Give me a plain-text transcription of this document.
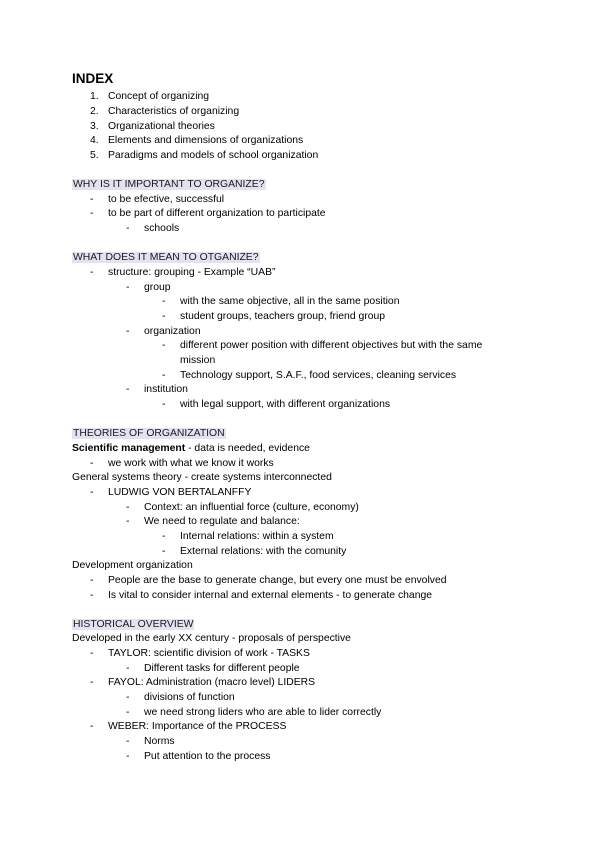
INDEX
1. Concept of organizing
2. Characteristics of organizing
3. Organizational theories
4. Elements and dimensions of organizations
5. Paradigms and models of school organization
WHY IS IT IMPORTANT TO ORGANIZE?
- to be efective, successful
- to be part of different organization to participate
- schools
WHAT DOES IT MEAN TO OTGANIZE?
- structure: grouping - Example “UAB”
- group
- with the same objective, all in the same position
- student groups, teachers group, friend group
- organization
- different power position with different objectives but with the same mission
- Technology support, S.A.F., food services, cleaning services
- institution
- with legal support, with different organizations
THEORIES OF ORGANIZATION
Scientific management - data is needed, evidence
- we work with what we know it works
General systems theory - create systems interconnected
- LUDWIG VON BERTALANFFY
- Context: an influential force (culture, economy)
- We need to regulate and balance:
- Internal relations: within a system
- External relations: with the comunity
Development organization
- People are the base to generate change, but every one must be envolved
- Is vital to consider internal and external elements - to generate change
HISTORICAL OVERVIEW
Developed in the early XX century - proposals of perspective
- TAYLOR: scientific division of work - TASKS
- Different tasks for different people
- FAYOL: Administration (macro level) LIDERS
- divisions of function
- we need strong liders who are able to lider correctly
- WEBER: Importance of the PROCESS
- Norms
- Put attention to the process
